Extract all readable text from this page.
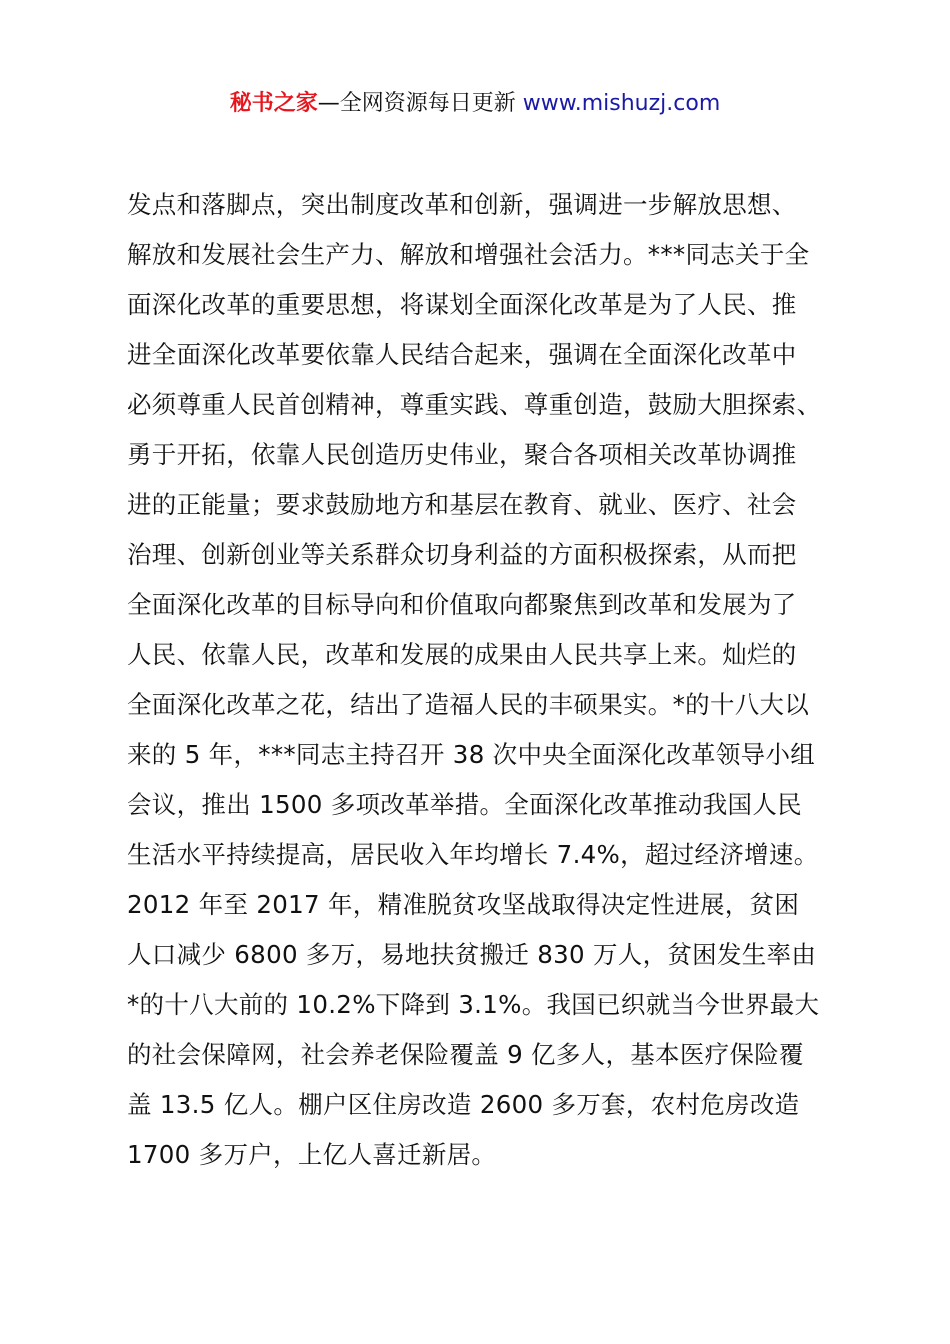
秘书之家—全网资源每日更新 www.mishuzj.com
发点和落脚点，突出制度改革和创新，强调进一步解放思想、
解放和发展社会生产力、解放和增强社会活力。***同志关于全
面深化改革的重要思想，将谋划全面深化改革是为了人民、推
进全面深化改革要依靠人民结合起来，强调在全面深化改革中
必须尊重人民首创精神，尊重实践、尊重创造，鼓励大胆探索、
勇于开拓，依靠人民创造历史伟业，聚合各项相关改革协调推
进的正能量；要求鼓励地方和基层在教育、就业、医疗、社会
治理、创新创业等关系群众切身利益的方面积极探索，从而把
全面深化改革的目标导向和价值取向都聚焦到改革和发展为了
人民、依靠人民，改革和发展的成果由人民共享上来。灿烂的
全面深化改革之花，结出了造福人民的丰硕果实。*的十八大以
来的 5 年，***同志主持召开 38 次中央全面深化改革领导小组
会议，推出 1500 多项改革举措。全面深化改革推动我国人民
生活水平持续提高，居民收入年均增长 7.4%，超过经济增速。
2012 年至 2017 年，精准脱贫攻坚战取得决定性进展，贫困
人口减少 6800 多万，易地扶贫搬迁 830 万人，贫困发生率由
*的十八大前的 10.2%下降到 3.1%。我国已织就当今世界最大
的社会保障网，社会养老保险覆盖 9 亿多人，基本医疗保险覆
盖 13.5 亿人。棚户区住房改造 2600 多万套，农村危房改造
1700 多万户，上亿人喜迁新居。
